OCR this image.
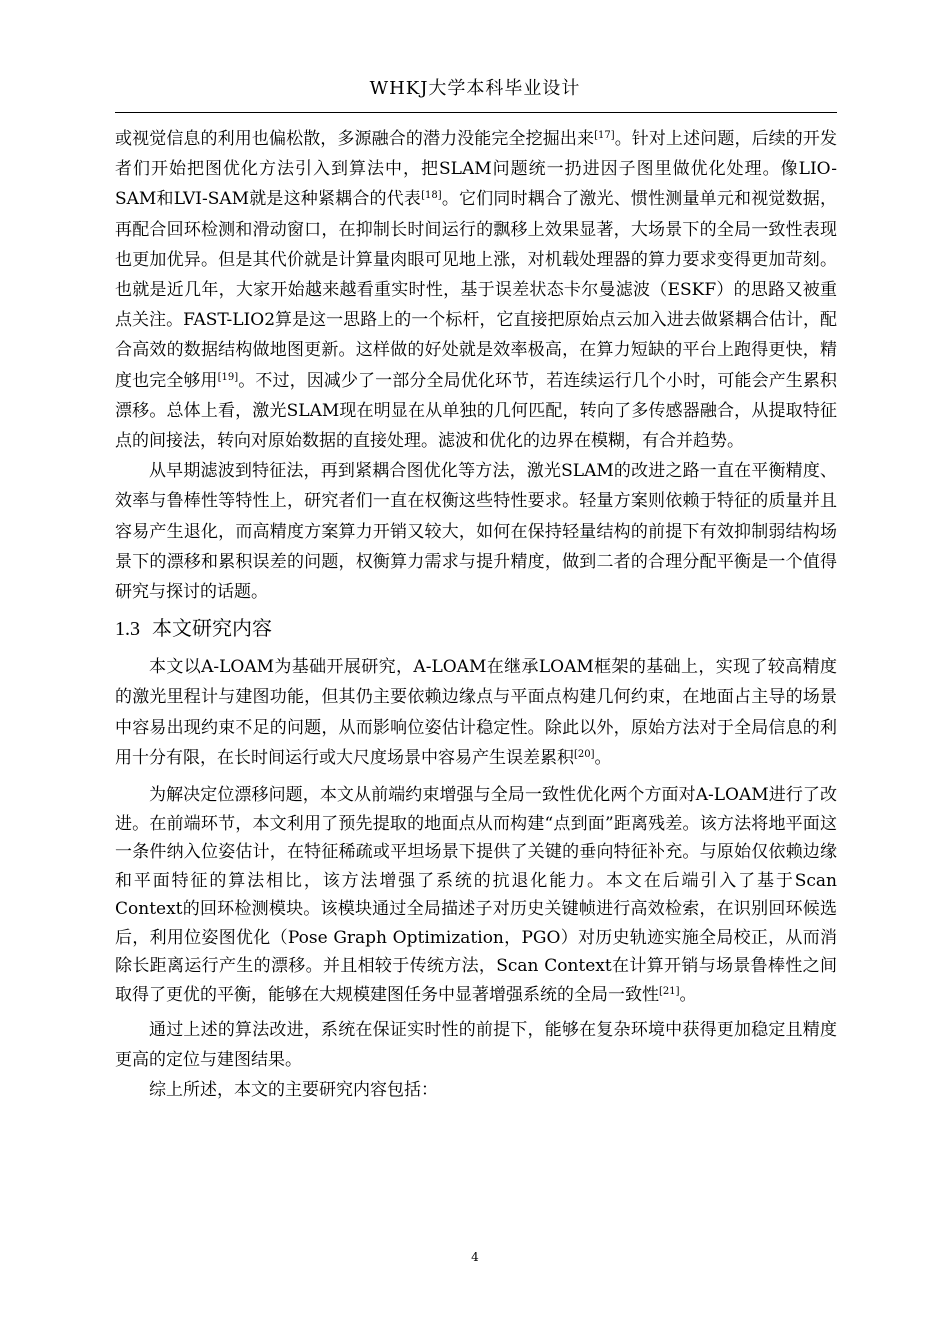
WHKJ大学本科毕业设计

或视觉信息的利用也偏松散，多源融合的潜力没能完全挖掘出来[17]。针对上述问题，后续的开发者们开始把图优化方法引入到算法中，把SLAM问题统一扔进因子图里做优化处理。像LIO-SAM和LVI-SAM就是这种紧耦合的代表[18]。它们同时耦合了激光、惯性测量单元和视觉数据，再配合回环检测和滑动窗口，在抑制长时间运行的飘移上效果显著，大场景下的全局一致性表现也更加优异。但是其代价就是计算量肉眼可见地上涨，对机载处理器的算力要求变得更加苛刻。也就是近几年，大家开始越来越看重实时性，基于误差状态卡尔曼滤波（ESKF）的思路又被重点关注。FAST-LIO2算是这一思路上的一个标杆，它直接把原始点云加入进去做紧耦合估计，配合高效的数据结构做地图更新。这样做的好处就是效率极高，在算力短缺的平台上跑得更快，精度也完全够用[19]。不过，因减少了一部分全局优化环节，若连续运行几个小时，可能会产生累积漂移。总体上看，激光SLAM现在明显在从单独的几何匹配，转向了多传感器融合，从提取特征点的间接法，转向对原始数据的直接处理。滤波和优化的边界在模糊，有合并趋势。

从早期滤波到特征法，再到紧耦合图优化等方法，激光SLAM的改进之路一直在平衡精度、效率与鲁棒性等特性上，研究者们一直在权衡这些特性要求。轻量方案则依赖于特征的质量并且容易产生退化，而高精度方案算力开销又较大，如何在保持轻量结构的前提下有效抑制弱结构场景下的漂移和累积误差的问题，权衡算力需求与提升精度，做到二者的合理分配平衡是一个值得研究与探讨的话题。

1.3 本文研究内容

本文以A-LOAM为基础开展研究，A-LOAM在继承LOAM框架的基础上，实现了较高精度的激光里程计与建图功能，但其仍主要依赖边缘点与平面点构建几何约束，在地面占主导的场景中容易出现约束不足的问题，从而影响位姿估计稳定性。除此以外，原始方法对于全局信息的利用十分有限，在长时间运行或大尺度场景中容易产生误差累积[20]。

为解决定位漂移问题，本文从前端约束增强与全局一致性优化两个方面对A-LOAM进行了改进。在前端环节，本文利用了预先提取的地面点从而构建“点到面”距离残差。该方法将地平面这一条件纳入位姿估计，在特征稀疏或平坦场景下提供了关键的垂向特征补充。与原始仅依赖边缘和平面特征的算法相比，该方法增强了系统的抗退化能力。本文在后端引入了基于Scan Context的回环检测模块。该模块通过全局描述子对历史关键帧进行高效检索，在识别回环候选后，利用位姿图优化（Pose Graph Optimization，PGO）对历史轨迹实施全局校正，从而消除长距离运行产生的漂移。并且相较于传统方法，Scan Context在计算开销与场景鲁棒性之间取得了更优的平衡，能够在大规模建图任务中显著增强系统的全局一致性[21]。

通过上述的算法改进，系统在保证实时性的前提下，能够在复杂环境中获得更加稳定且精度更高的定位与建图结果。

综上所述，本文的主要研究内容包括：

4
